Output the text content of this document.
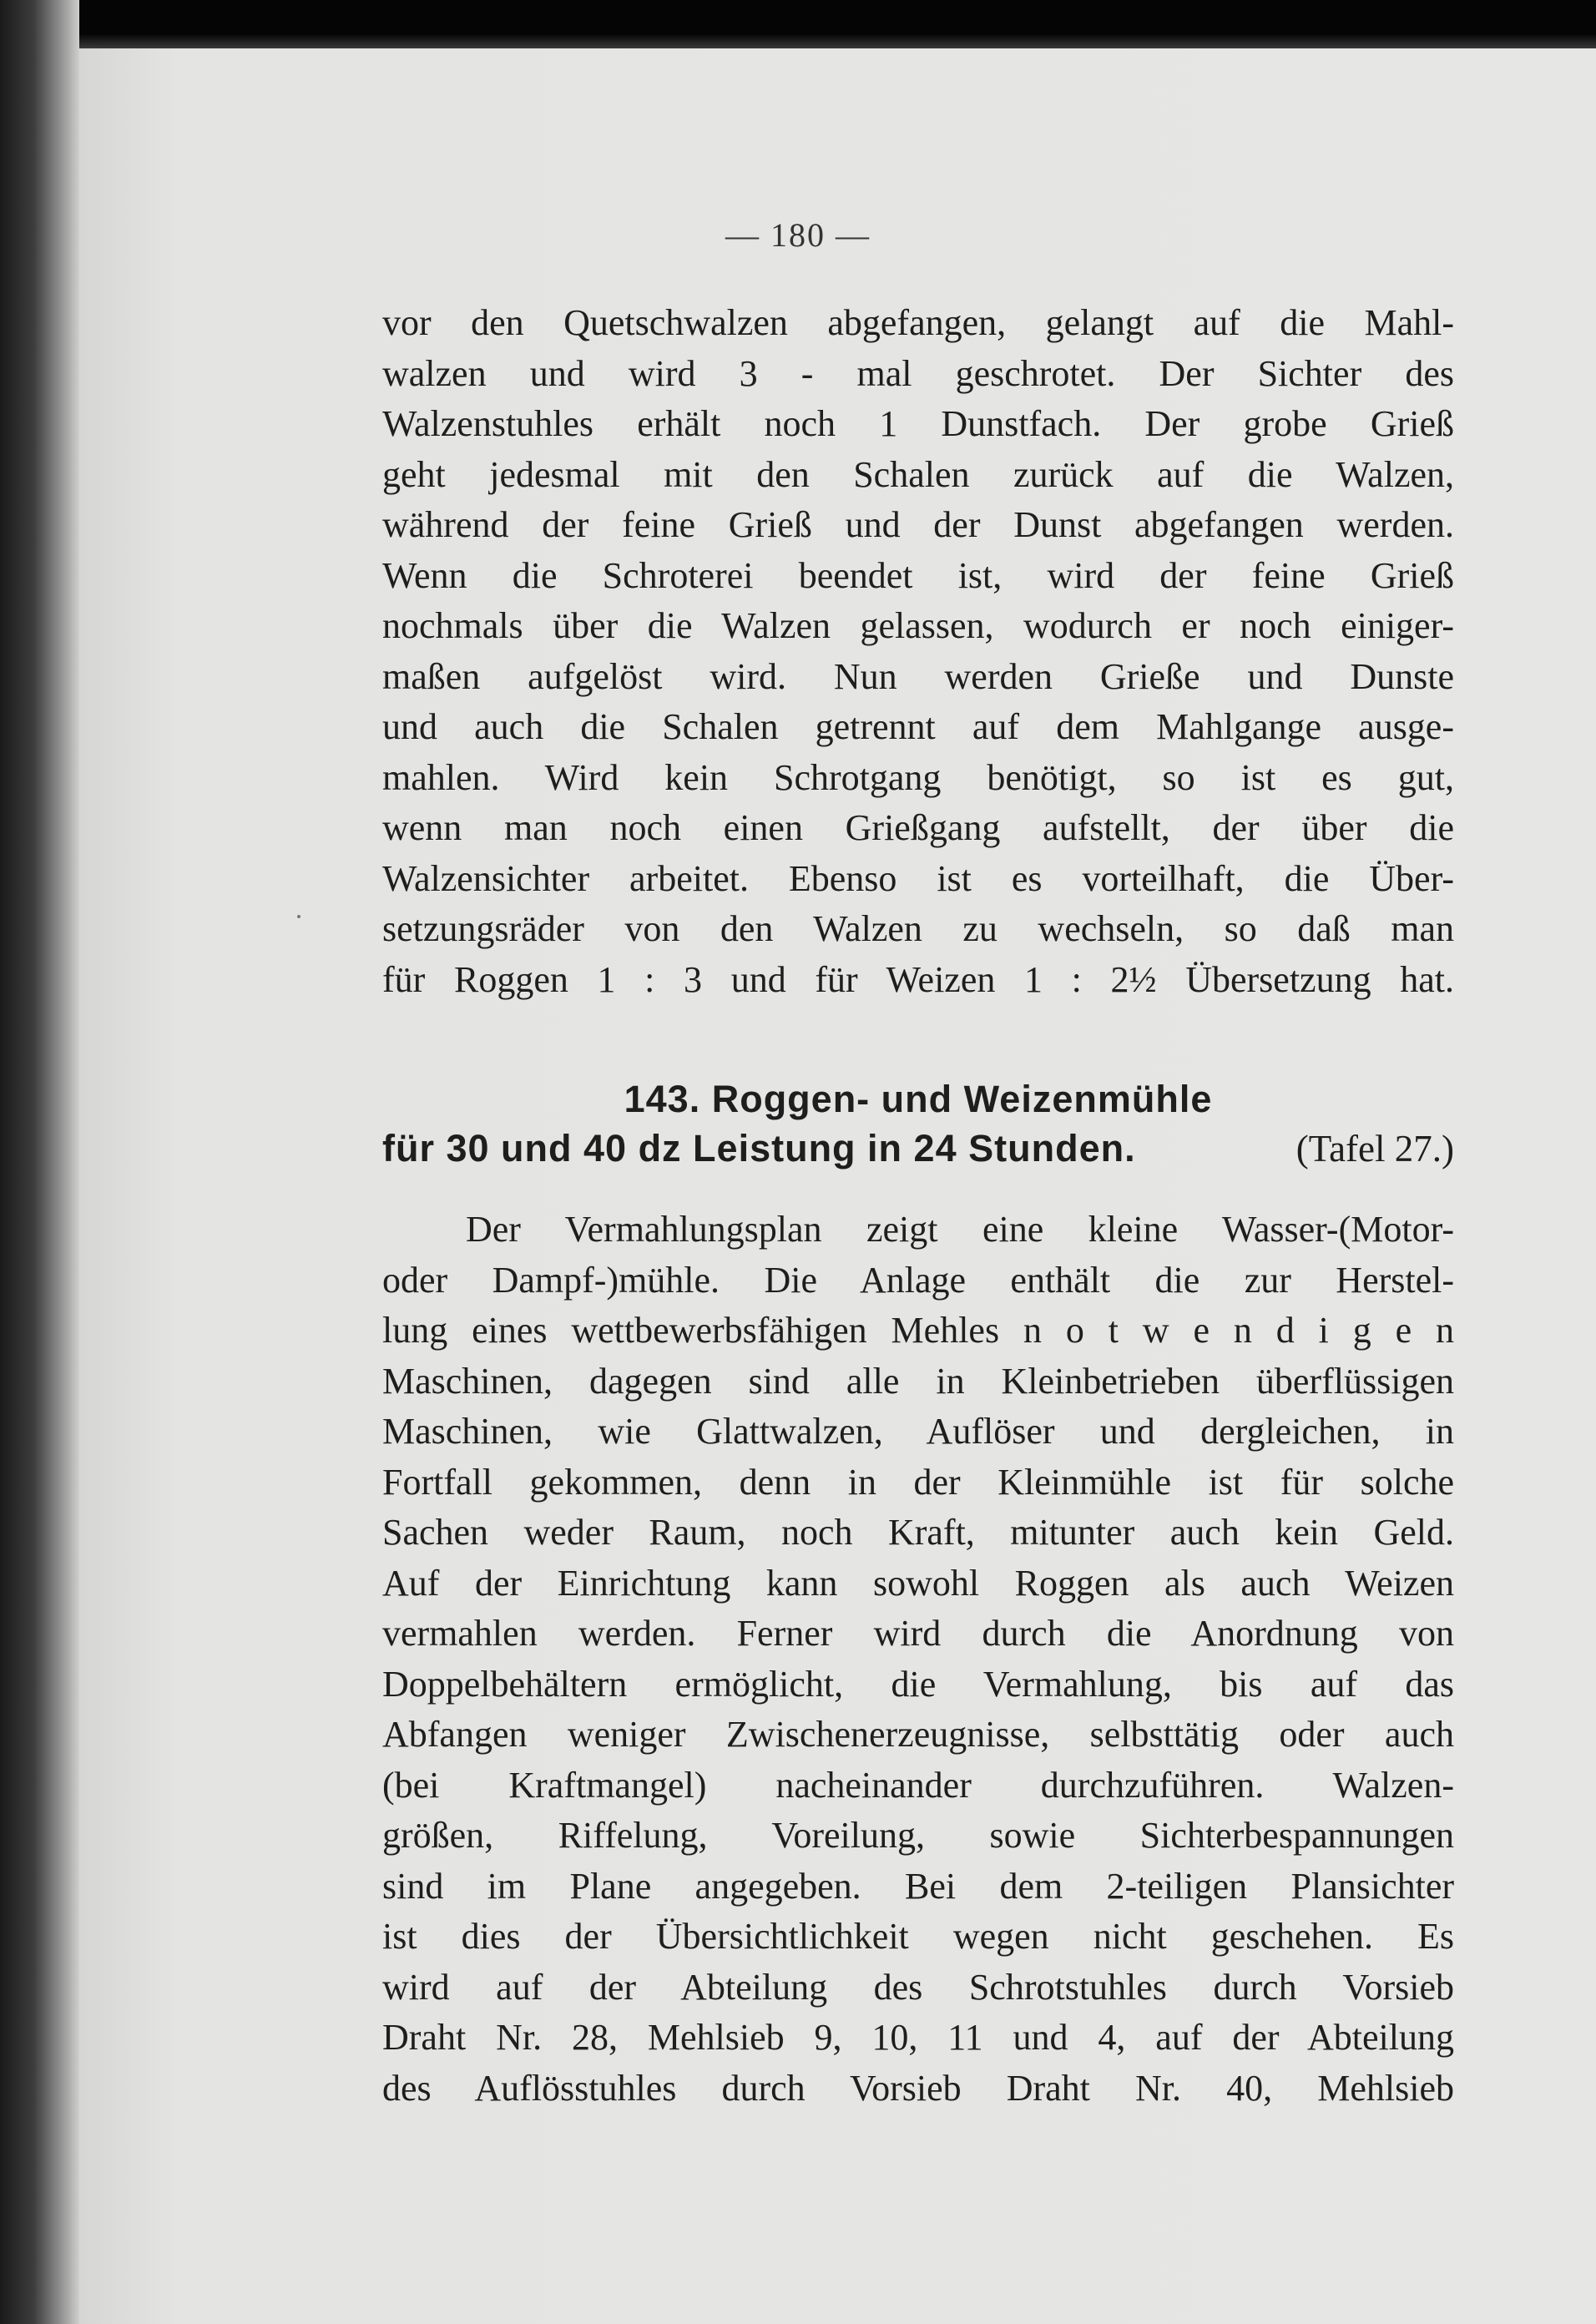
— 180 —
vor den Quetschwalzen abgefangen, gelangt auf die Mahl-
walzen und wird 3 - mal geschrotet. Der Sichter des
Walzenstuhles erhält noch 1 Dunstfach. Der grobe Grieß
geht jedesmal mit den Schalen zurück auf die Walzen,
während der feine Grieß und der Dunst abgefangen werden.
Wenn die Schroterei beendet ist, wird der feine Grieß
nochmals über die Walzen gelassen, wodurch er noch einiger-
maßen aufgelöst wird. Nun werden Grieße und Dunste
und auch die Schalen getrennt auf dem Mahlgange ausge-
mahlen. Wird kein Schrotgang benötigt, so ist es gut,
wenn man noch einen Grießgang aufstellt, der über die
Walzensichter arbeitet. Ebenso ist es vorteilhaft, die Über-
setzungsräder von den Walzen zu wechseln, so daß man
für Roggen 1 : 3 und für Weizen 1 : 2½ Übersetzung hat.
143. Roggen- und Weizenmühle
für 30 und 40 dz Leistung in 24 Stunden.	(Tafel 27.)
Der Vermahlungsplan zeigt eine kleine Wasser-(Motor-
oder Dampf-)mühle. Die Anlage enthält die zur Herstel-
lung eines wettbewerbsfähigen Mehles n o t w e n d i g e n
Maschinen, dagegen sind alle in Kleinbetrieben überflüssigen
Maschinen, wie Glattwalzen, Auflöser und dergleichen, in
Fortfall gekommen, denn in der Kleinmühle ist für solche
Sachen weder Raum, noch Kraft, mitunter auch kein Geld.
Auf der Einrichtung kann sowohl Roggen als auch Weizen
vermahlen werden. Ferner wird durch die Anordnung von
Doppelbehältern ermöglicht, die Vermahlung, bis auf das
Abfangen weniger Zwischenerzeugnisse, selbsttätig oder auch
(bei Kraftmangel) nacheinander durchzuführen. Walzen-
größen, Riffelung, Voreilung, sowie Sichterbespannungen
sind im Plane angegeben. Bei dem 2-teiligen Plansichter
ist dies der Übersichtlichkeit wegen nicht geschehen. Es
wird auf der Abteilung des Schrotstuhles durch Vorsieb
Draht Nr. 28, Mehlsieb 9, 10, 11 und 4, auf der Abteilung
des Auflösstuhles durch Vorsieb Draht Nr. 40, Mehlsieb
